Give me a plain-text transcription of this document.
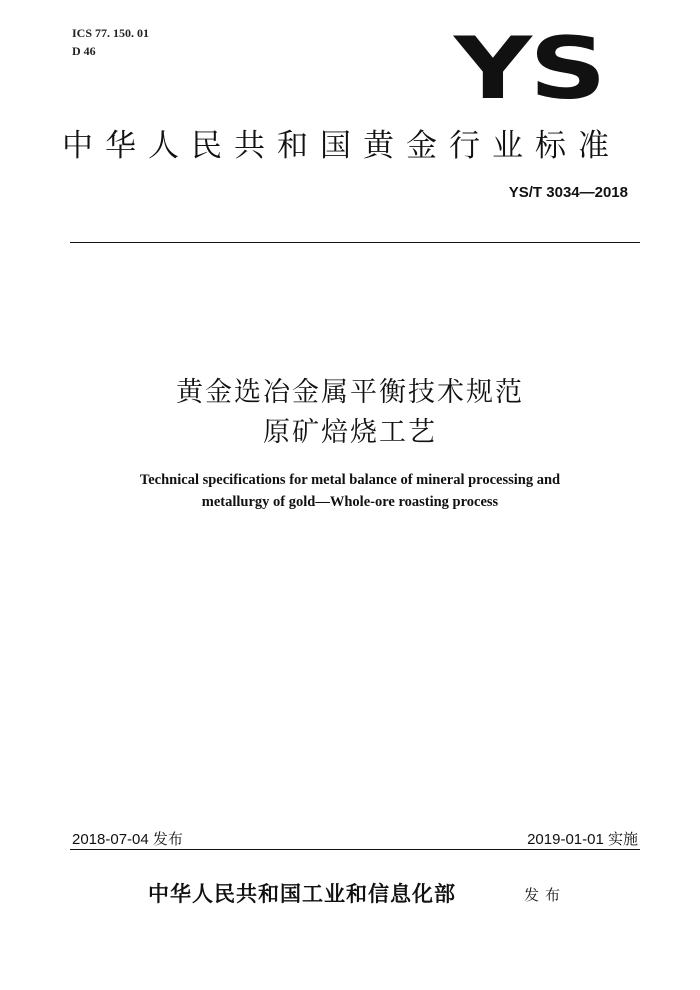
ICS 77. 150. 01
D 46	YS
中华人民共和国黄金行业标准
YS/T 3034—2018
黄金选冶金属平衡技术规范
原矿焙烧工艺
Technical specifications for metal balance of mineral processing and
metallurgy of gold—Whole-ore roasting process
2018-07-04 发布	2019-01-01 实施
中华人民共和国工业和信息化部	发布
